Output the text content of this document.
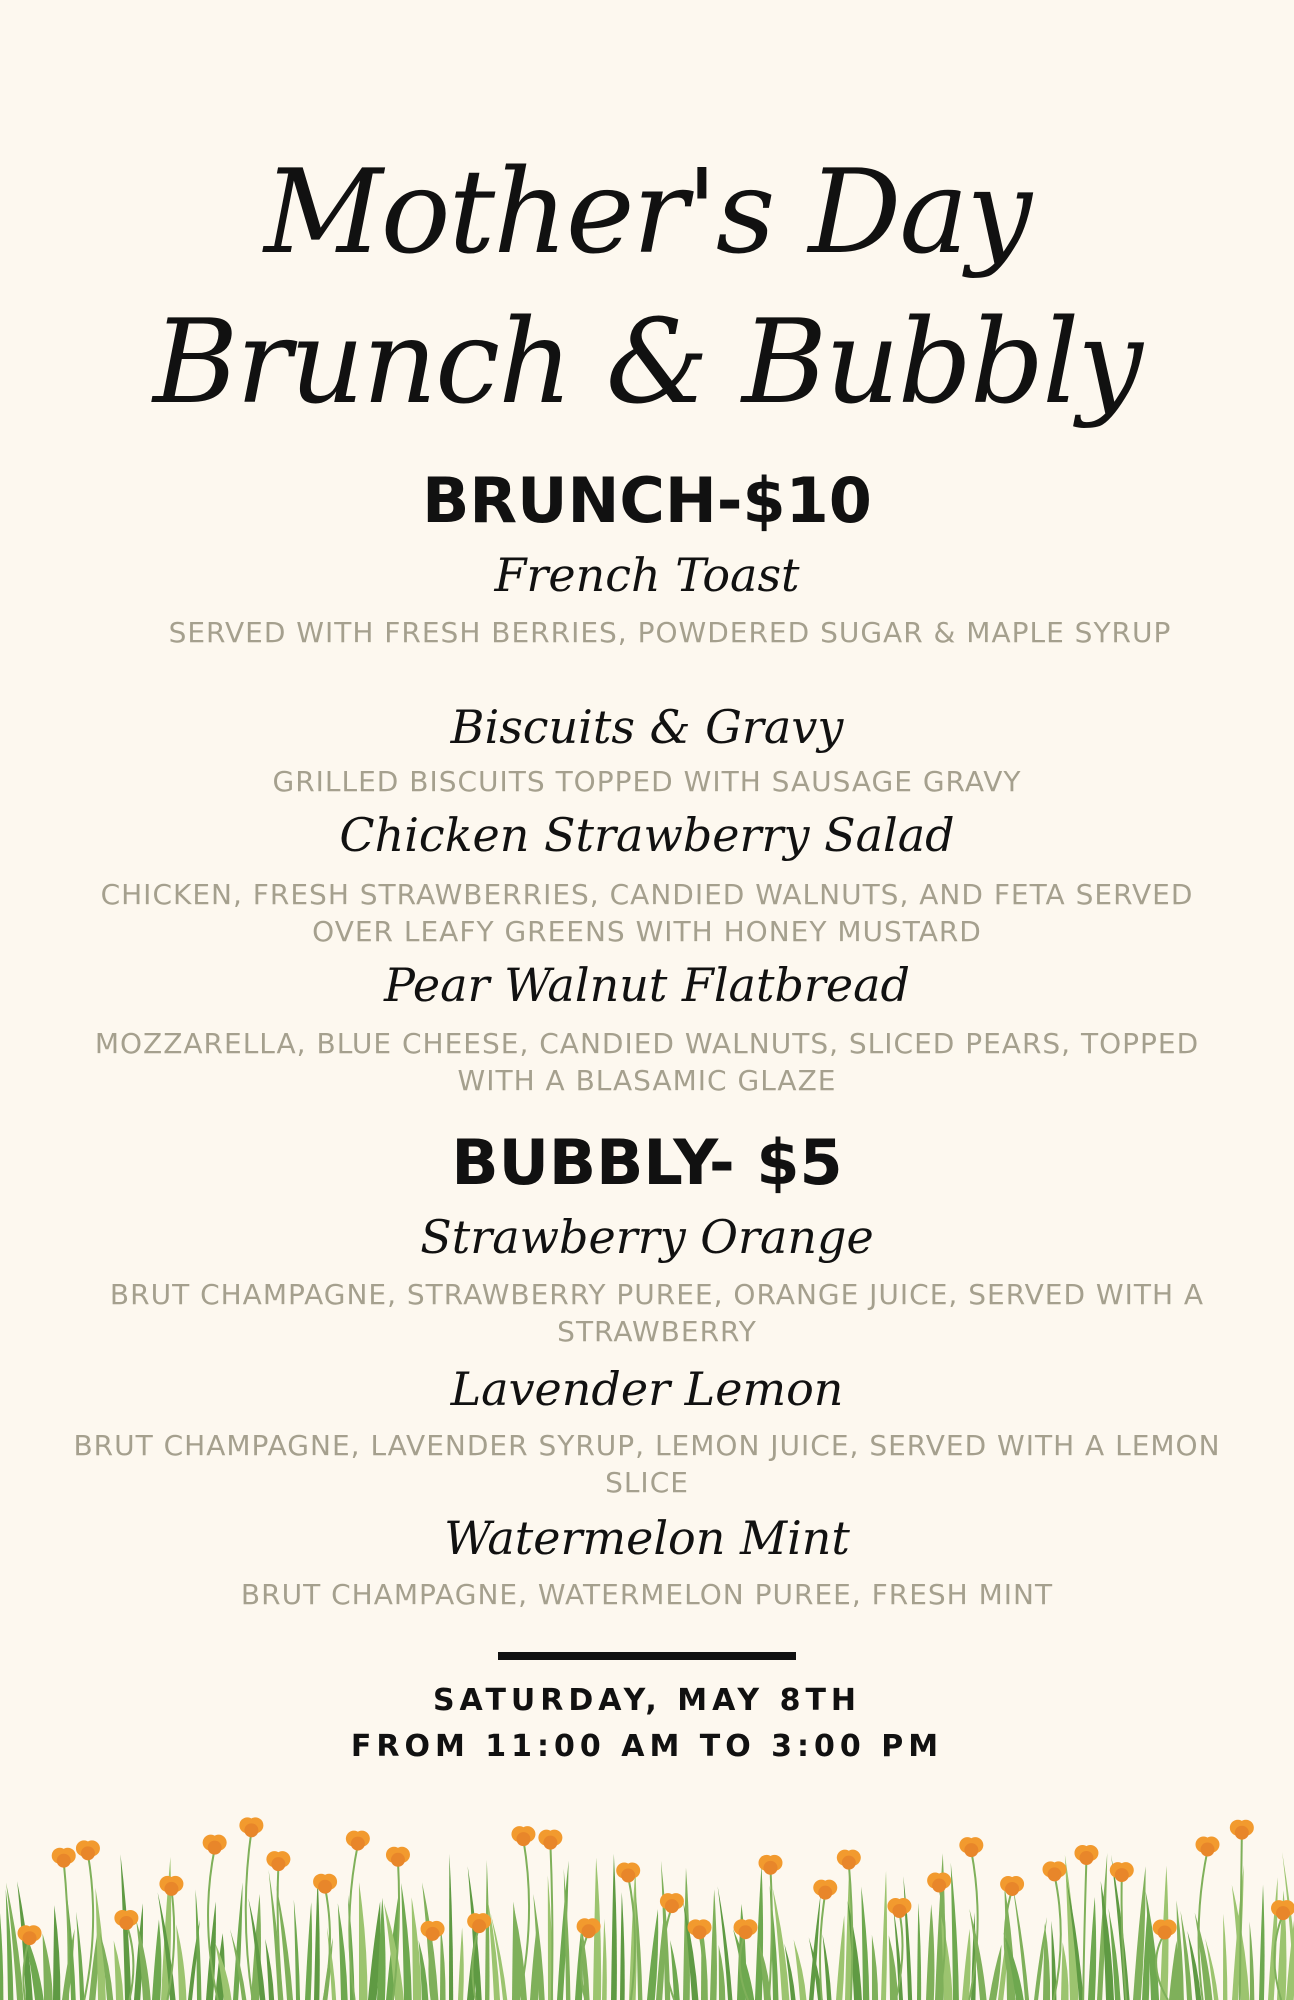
Mother's Day
Brunch & Bubbly
BRUNCH-$10
French Toast
SERVED WITH FRESH BERRIES, POWDERED SUGAR & MAPLE SYRUP
Biscuits & Gravy
GRILLED BISCUITS TOPPED WITH SAUSAGE GRAVY
Chicken Strawberry Salad
CHICKEN, FRESH STRAWBERRIES, CANDIED WALNUTS, AND FETA SERVED OVER LEAFY GREENS WITH HONEY MUSTARD
Pear Walnut Flatbread
MOZZARELLA, BLUE CHEESE, CANDIED WALNUTS, SLICED PEARS, TOPPED WITH A BLASAMIC GLAZE
BUBBLY- $5
Strawberry Orange
BRUT CHAMPAGNE, STRAWBERRY PUREE, ORANGE JUICE, SERVED WITH A STRAWBERRY
Lavender Lemon
BRUT CHAMPAGNE, LAVENDER SYRUP, LEMON JUICE, SERVED WITH A LEMON SLICE
Watermelon Mint
BRUT CHAMPAGNE, WATERMELON PUREE, FRESH MINT
SATURDAY, MAY 8TH
FROM 11:00 AM TO 3:00 PM
